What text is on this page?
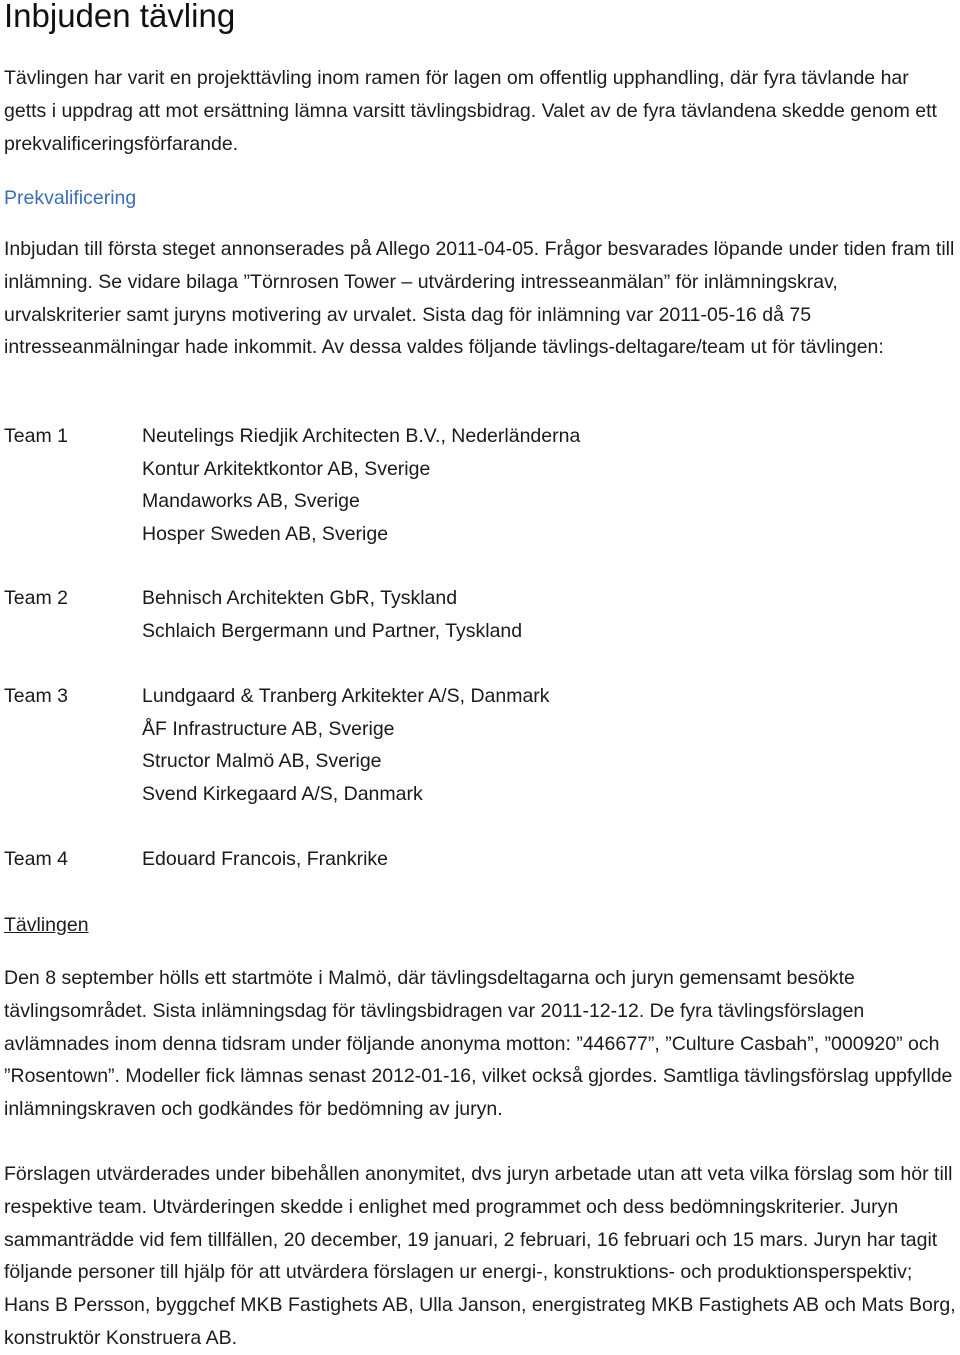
Inbjuden tävling

Tävlingen har varit en projekttävling inom ramen för lagen om offentlig upphandling, där fyra tävlande har getts i uppdrag att mot ersättning lämna varsitt tävlingsbidrag. Valet av de fyra tävlandena skedde genom ett prekvalificeringsförfarande.

Prekvalificering

Inbjudan till första steget annonserades på Allego 2011-04-05. Frågor besvarades löpande under tiden fram till inlämning. Se vidare bilaga ”Törnrosen Tower – utvärdering intresseanmälan” för inlämningskrav, urvalskriterier samt juryns motivering av urvalet. Sista dag för inlämning var 2011-05-16 då 75 intresseanmälningar hade inkommit. Av dessa valdes följande tävlings-deltagare/team ut för tävlingen:

Team 1	Neutelings Riedjik Architecten B.V., Nederländerna
Kontur Arkitektkontor AB, Sverige
Mandaworks AB, Sverige
Hosper Sweden AB, Sverige
Team 2	Behnisch Architekten GbR, Tyskland
Schlaich Bergermann und Partner, Tyskland
Team 3	Lundgaard & Tranberg Arkitekter A/S, Danmark
ÅF Infrastructure AB, Sverige
Structor Malmö AB, Sverige
Svend Kirkegaard A/S, Danmark
Team 4	Edouard Francois, Frankrike
Tävlingen

Den 8 september hölls ett startmöte i Malmö, där tävlingsdeltagarna och juryn gemensamt besökte tävlingsområdet. Sista inlämningsdag för tävlingsbidragen var 2011-12-12. De fyra tävlingsförslagen avlämnades inom denna tidsram under följande anonyma motton: ”446677”, ”Culture Casbah”, ”000920” och ”Rosentown”. Modeller fick lämnas senast 2012-01-16, vilket också gjordes. Samtliga tävlingsförslag uppfyllde inlämningskraven och godkändes för bedömning av juryn.

Förslagen utvärderades under bibehållen anonymitet, dvs juryn arbetade utan att veta vilka förslag som hör till respektive team. Utvärderingen skedde i enlighet med programmet och dess bedömningskriterier. Juryn sammanträdde vid fem tillfällen, 20 december, 19 januari, 2 februari, 16 februari och 15 mars. Juryn har tagit följande personer till hjälp för att utvärdera förslagen ur energi-, konstruktions- och produktionsperspektiv; Hans B Persson, byggchef MKB Fastighets AB, Ulla Janson, energistrateg MKB Fastighets AB och Mats Borg, konstruktör Konstruera AB.
